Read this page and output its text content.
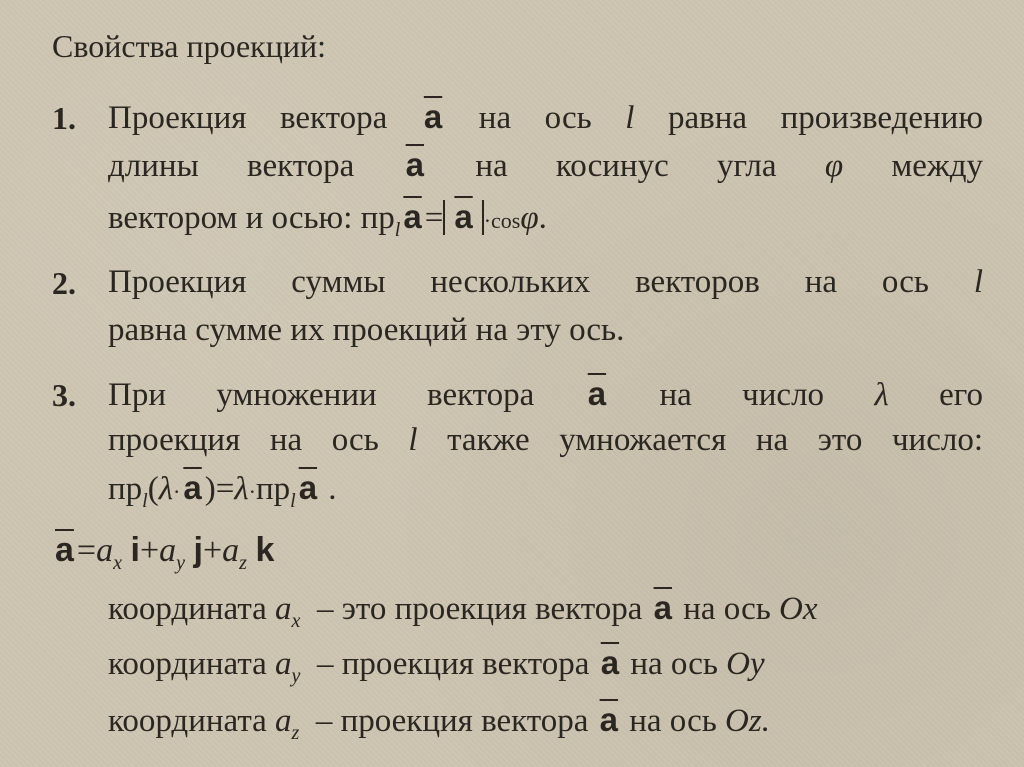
Свойства проекций:
1. Проекция вектора $\overline{a}$ на ось l равна произведению
длины вектора $\overline{a}$ на косинус угла φ между
вектором и осью: $пр_l\overline{a}= \overline{a} \cdot\cos\varphi$.
2. Проекция суммы нескольких векторов на ось l
равна сумме их проекций на эту ось.
3. При умножении вектора $\overline{a}$ на число λ его
проекция на ось l также умножается на это число:
$пр_l(\lambda\cdot\overline{a})=\lambda\cdot пр_l\overline{a}$ .
$\overline{a}=a_x$ $i+a_y$ $j+a_z$ k
координата $a_x$ – это проекция вектора $\overline{a}$ на ось Ox
координата $a_y$ – проекция вектора $\overline{a}$ на ось Oy
координата $a_z$ – проекция вектора $\overline{a}$ на ось Oz.
